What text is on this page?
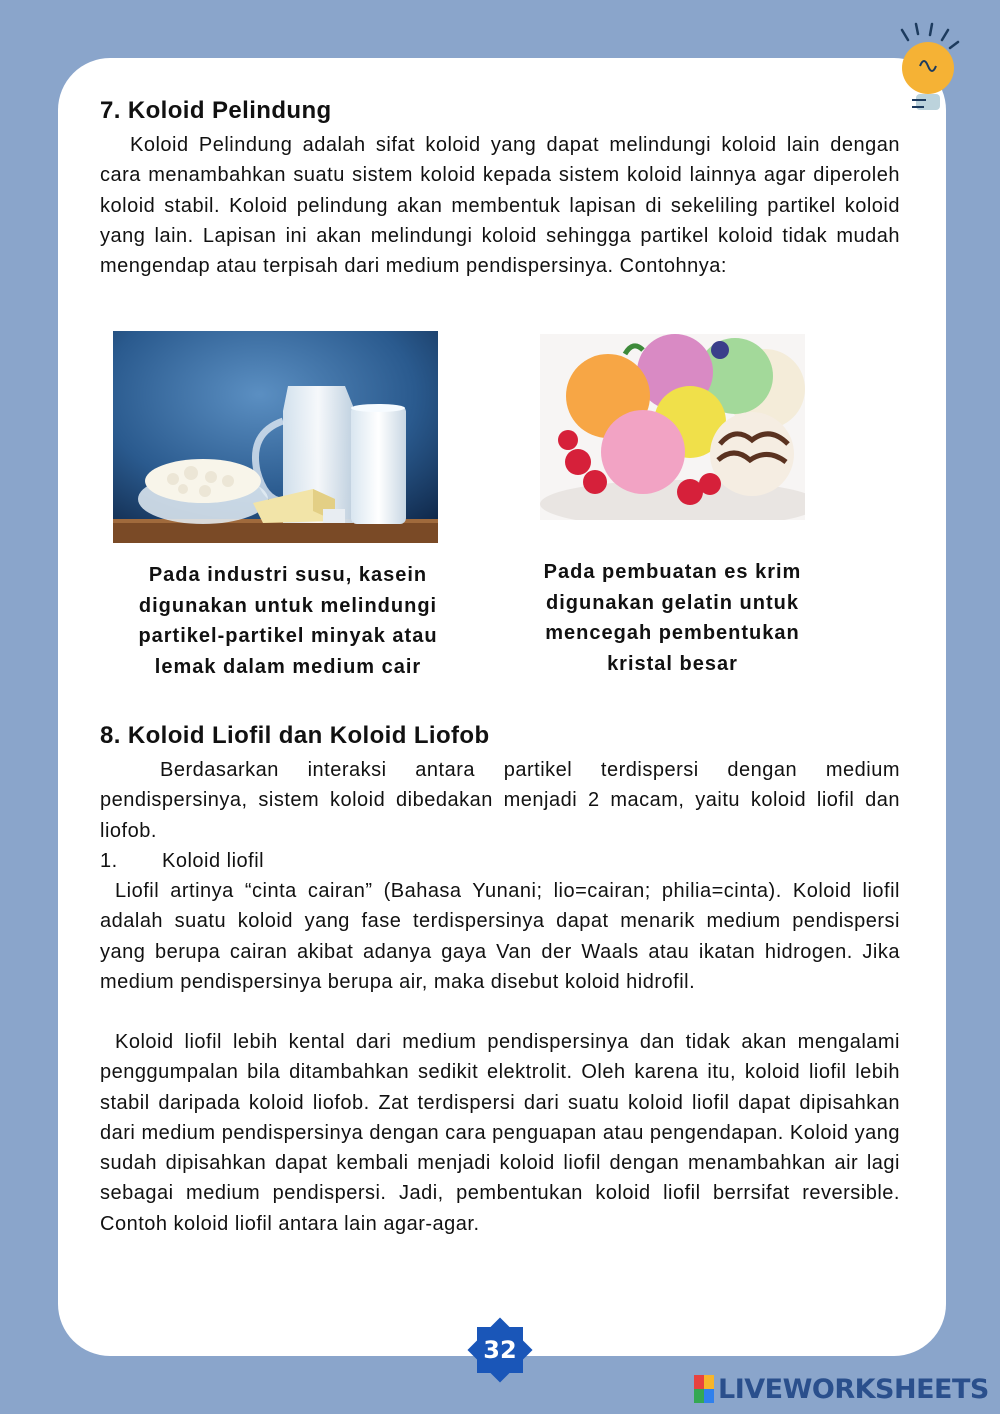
7. Koloid Pelindung

Koloid Pelindung adalah sifat koloid yang dapat melindungi koloid lain dengan cara menambahkan suatu sistem koloid kepada sistem koloid lainnya agar diperoleh koloid stabil. Koloid pelindung akan membentuk lapisan di sekeliling partikel koloid yang lain. Lapisan ini akan melindungi koloid sehingga partikel koloid tidak mudah mengendap atau terpisah dari medium pendispersinya. Contohnya:

Pada industri susu, kasein digunakan untuk melindungi partikel-partikel minyak atau lemak dalam medium cair
Pada pembuatan es krim digunakan gelatin untuk mencegah pembentukan kristal besar
8. Koloid Liofil dan Koloid Liofob

Berdasarkan interaksi antara partikel terdispersi dengan medium pendispersinya, sistem koloid dibedakan menjadi 2 macam, yaitu koloid liofil dan liofob.

1. Koloid liofil

Liofil artinya “cinta cairan” (Bahasa Yunani; lio=cairan; philia=cinta). Koloid liofil adalah suatu koloid yang fase terdispersinya dapat menarik medium pendispersi yang berupa cairan akibat adanya gaya Van der Waals atau ikatan hidrogen. Jika medium pendispersinya berupa air, maka disebut koloid hidrofil.

Koloid liofil lebih kental dari medium pendispersinya dan tidak akan mengalami penggumpalan bila ditambahkan sedikit elektrolit. Oleh karena itu, koloid liofil lebih stabil daripada koloid liofob. Zat terdispersi dari suatu koloid liofil dapat dipisahkan dari medium pendispersinya dengan cara penguapan atau pengendapan. Koloid yang sudah dipisahkan dapat kembali menjadi koloid liofil dengan menambahkan air lagi sebagai medium pendispersi. Jadi, pembentukan koloid liofil berrsifat reversible. Contoh koloid liofil antara lain agar-agar.

32
LIVEWORKSHEETS
